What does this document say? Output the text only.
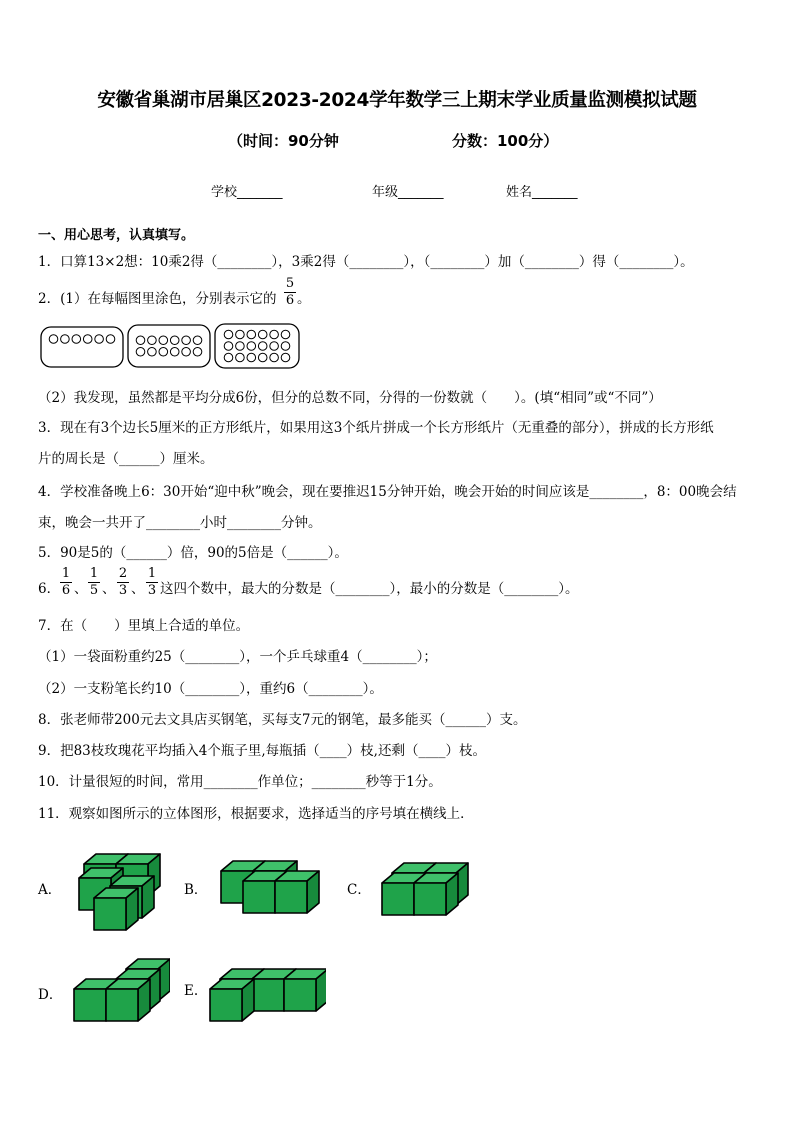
安徽省巢湖市居巢区2023-2024学年数学三上期末学业质量监测模拟试题
（时间：90分钟	分数：100分）
学校_______	年级_______	姓名_______
一、用心思考，认真填写。
1．口算13×2想：10乘2得（________），3乘2得（________），（________）加（________）得（________）。
2．(1）在每幅图里涂色，分别表示它的
5
6 。
（2）我发现，虽然都是平均分成6份，但分的总数不同，分得的一份数就（　　）。(填“相同”或“不同”）
3．现在有3个边长5厘米的正方形纸片，如果用这3个纸片拼成一个长方形纸片（无重叠的部分），拼成的长方形纸
片的周长是（______）厘米。
4．学校准备晚上6：30开始“迎中秋”晚会，现在要推迟15分钟开始，晚会开始的时间应该是________，8：00晚会结
束，晚会一共开了________小时________分钟。
5．90是5的（______）倍，90的5倍是（______）。
6．
1
6 、
1
5 、
2
3 、
1
3 这四个数中，最大的分数是（________），最小的分数是（________）。
7．在（　　）里填上合适的单位。
（1）一袋面粉重约25（________），一个乒乓球重4（________）；
（2）一支粉笔长约10（________），重约6（________）。
8．张老师带200元去文具店买钢笔，买每支7元的钢笔，最多能买（______）支。
9．把83枝玫瑰花平均插入4个瓶子里,每瓶插（____）枝,还剩（____）枝。
10．计量很短的时间，常用________作单位；________秒等于1分。
11．观察如图所示的立体图形，根据要求，选择适当的序号填在横线上．
A．	B．	C．
D．	E.
